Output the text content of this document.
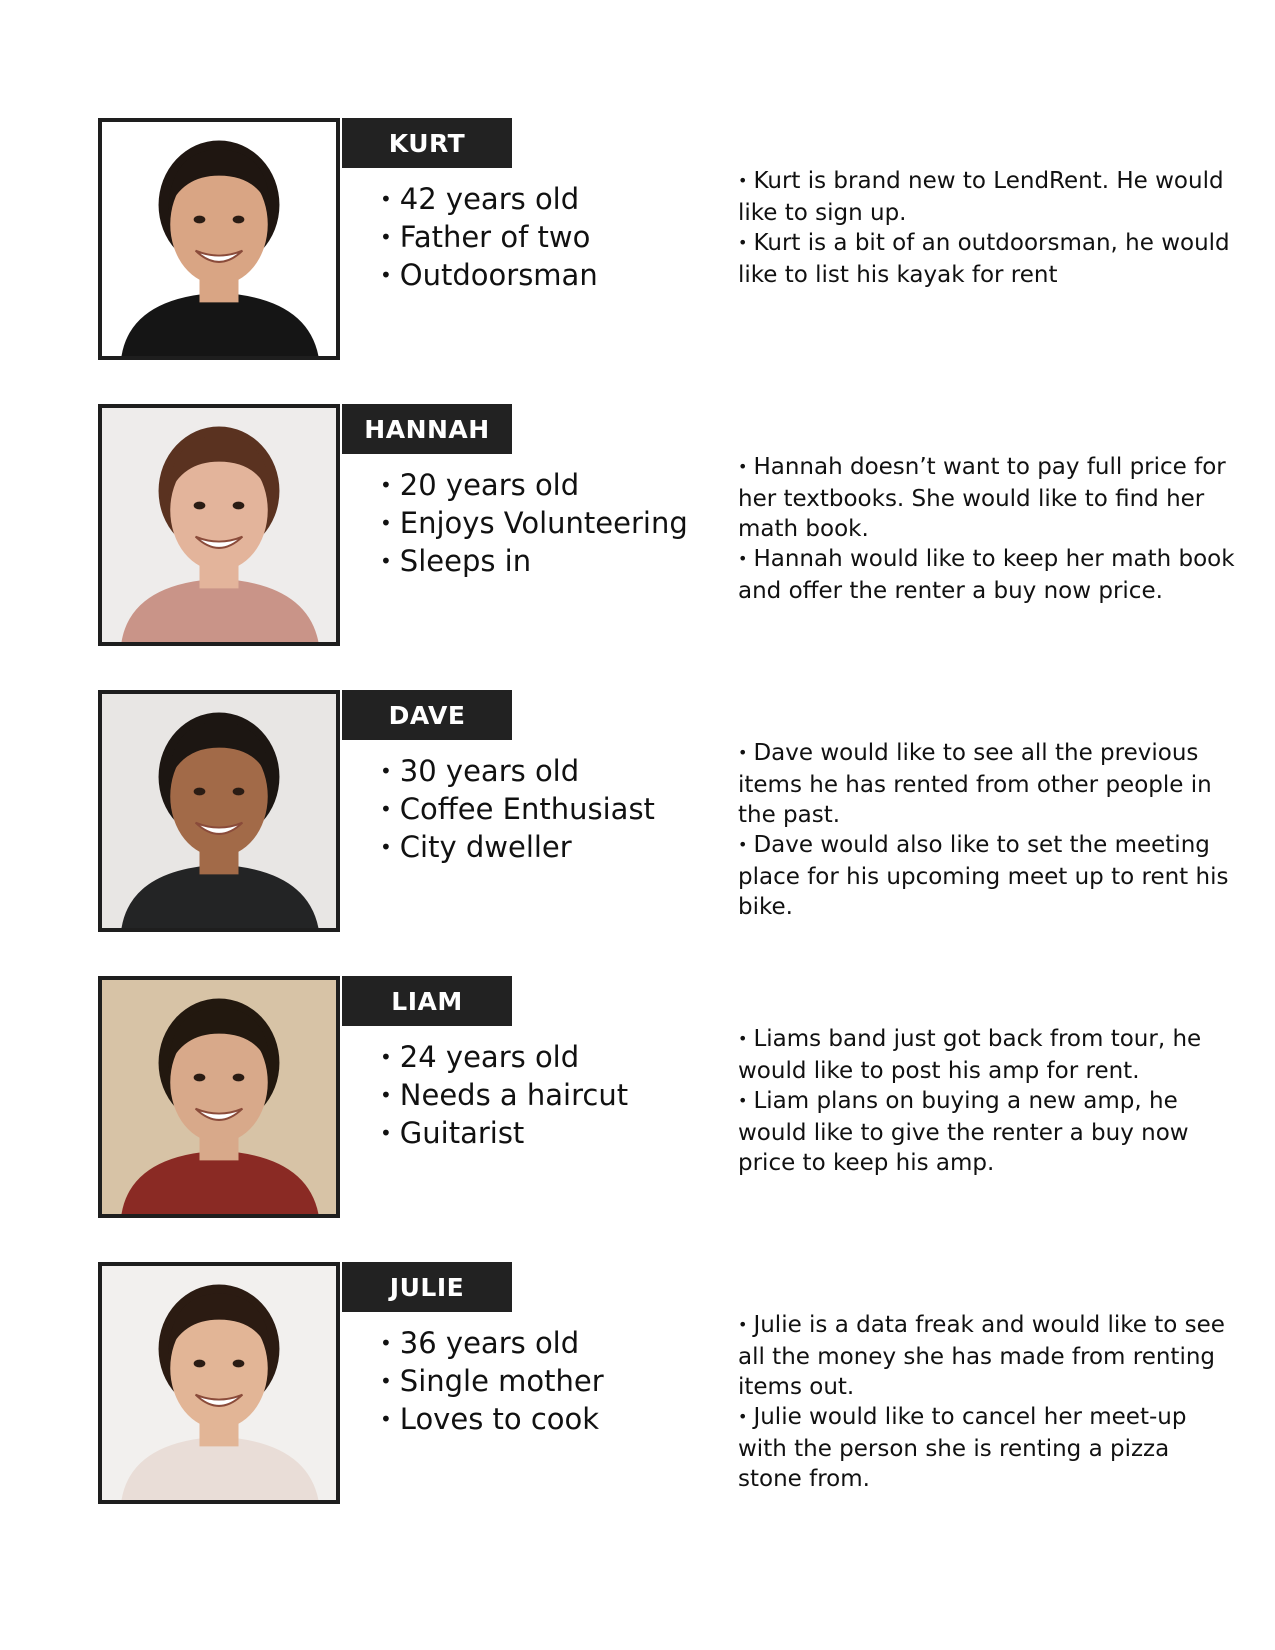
KURT
• 42 years old
• Father of two
• Outdoorsman

• Kurt is brand new to LendRent. He would like to sign up.

• Kurt is a bit of an outdoorsman, he would like to list his kayak for rent

HANNAH
• 20 years old
• Enjoys Volunteering
• Sleeps in

• Hannah doesn’t want to pay full price for her textbooks. She would like to find her math book.

• Hannah would like to keep her math book and offer the renter a buy now price.

DAVE
• 30 years old
• Coffee Enthusiast
• City dweller

• Dave would like to see all the previous items he has rented from other people in the past.

• Dave would also like to set the meeting place for his upcoming meet up to rent his bike.

LIAM
• 24 years old
• Needs a haircut
• Guitarist

• Liams band just got back from tour, he would like to post his amp for rent.

• Liam plans on buying a new amp, he would like to give the renter a buy now price to keep his amp.

JULIE
• 36 years old
• Single mother
• Loves to cook

• Julie is a data freak and would like to see all the money she has made from renting items out.

• Julie would like to cancel her meet-up with the person she is renting a pizza stone from.
